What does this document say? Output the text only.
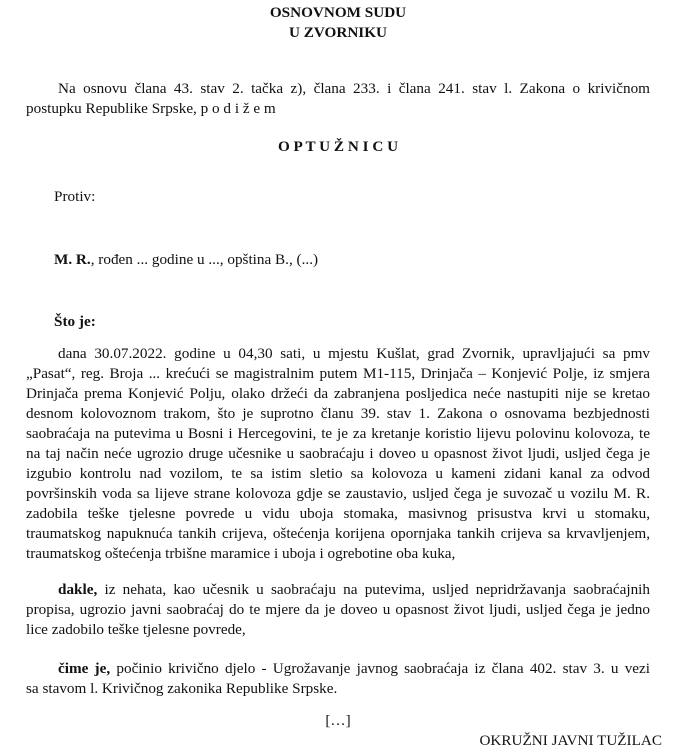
OSNOVNOM SUDU
U ZVORNIKU
Na osnovu člana 43. stav 2. tačka z), člana 233. i člana 241. stav l. Zakona o krivičnom
postupku Republike Srpske, p o d i ž e m
O P T U Ž N I C U
Protiv:
M. R., rođen ... godine u ..., opština B., (...)
Što je:
dana 30.07.2022. godine u 04,30 sati, u mjestu Kušlat, grad Zvornik, upravljajući sa pmv
„Pasat“, reg. Broja ... krećući se magistralnim putem M1-115, Drinjača – Konjević Polje, iz smjera
Drinjača prema Konjević Polju, olako držeći da zabranjena posljedica neće nastupiti nije se kretao
desnom kolovoznom trakom, što je suprotno članu 39. stav 1. Zakona o osnovama bezbjednosti
saobraćaja na putevima u Bosni i Hercegovini, te je za kretanje koristio lijevu polovinu kolovoza, te
na taj način neće ugrozio druge učesnike u saobraćaju i doveo u opasnost život ljudi, usljed čega je
izgubio kontrolu nad vozilom, te sa istim sletio sa kolovoza u kameni zidani kanal za odvod
površinskih voda sa lijeve strane kolovoza gdje se zaustavio, usljed čega je suvozač u vozilu M. R.
zadobila teške tjelesne povrede u vidu uboja stomaka, masivnog prisustva krvi u stomaku,
traumatskog napuknuća tankih crijeva, oštećenja korijena opornjaka tankih crijeva sa krvavljenjem,
traumatskog oštećenja trbišne maramice i uboja i ogrebotine oba kuka,
dakle, iz nehata, kao učesnik u saobraćaju na putevima, usljed nepridržavanja saobraćajnih
propisa, ugrozio javni saobraćaj do te mjere da je doveo u opasnost život ljudi, usljed čega je jedno
lice zadobilo teške tjelesne povrede,
čime je, počinio krivično djelo - Ugrožavanje javnog saobraćaja iz člana 402. stav 3. u vezi
sa stavom l. Krivičnog zakonika Republike Srpske.
[…]
OKRUŽNI JAVNI TUŽILAC
